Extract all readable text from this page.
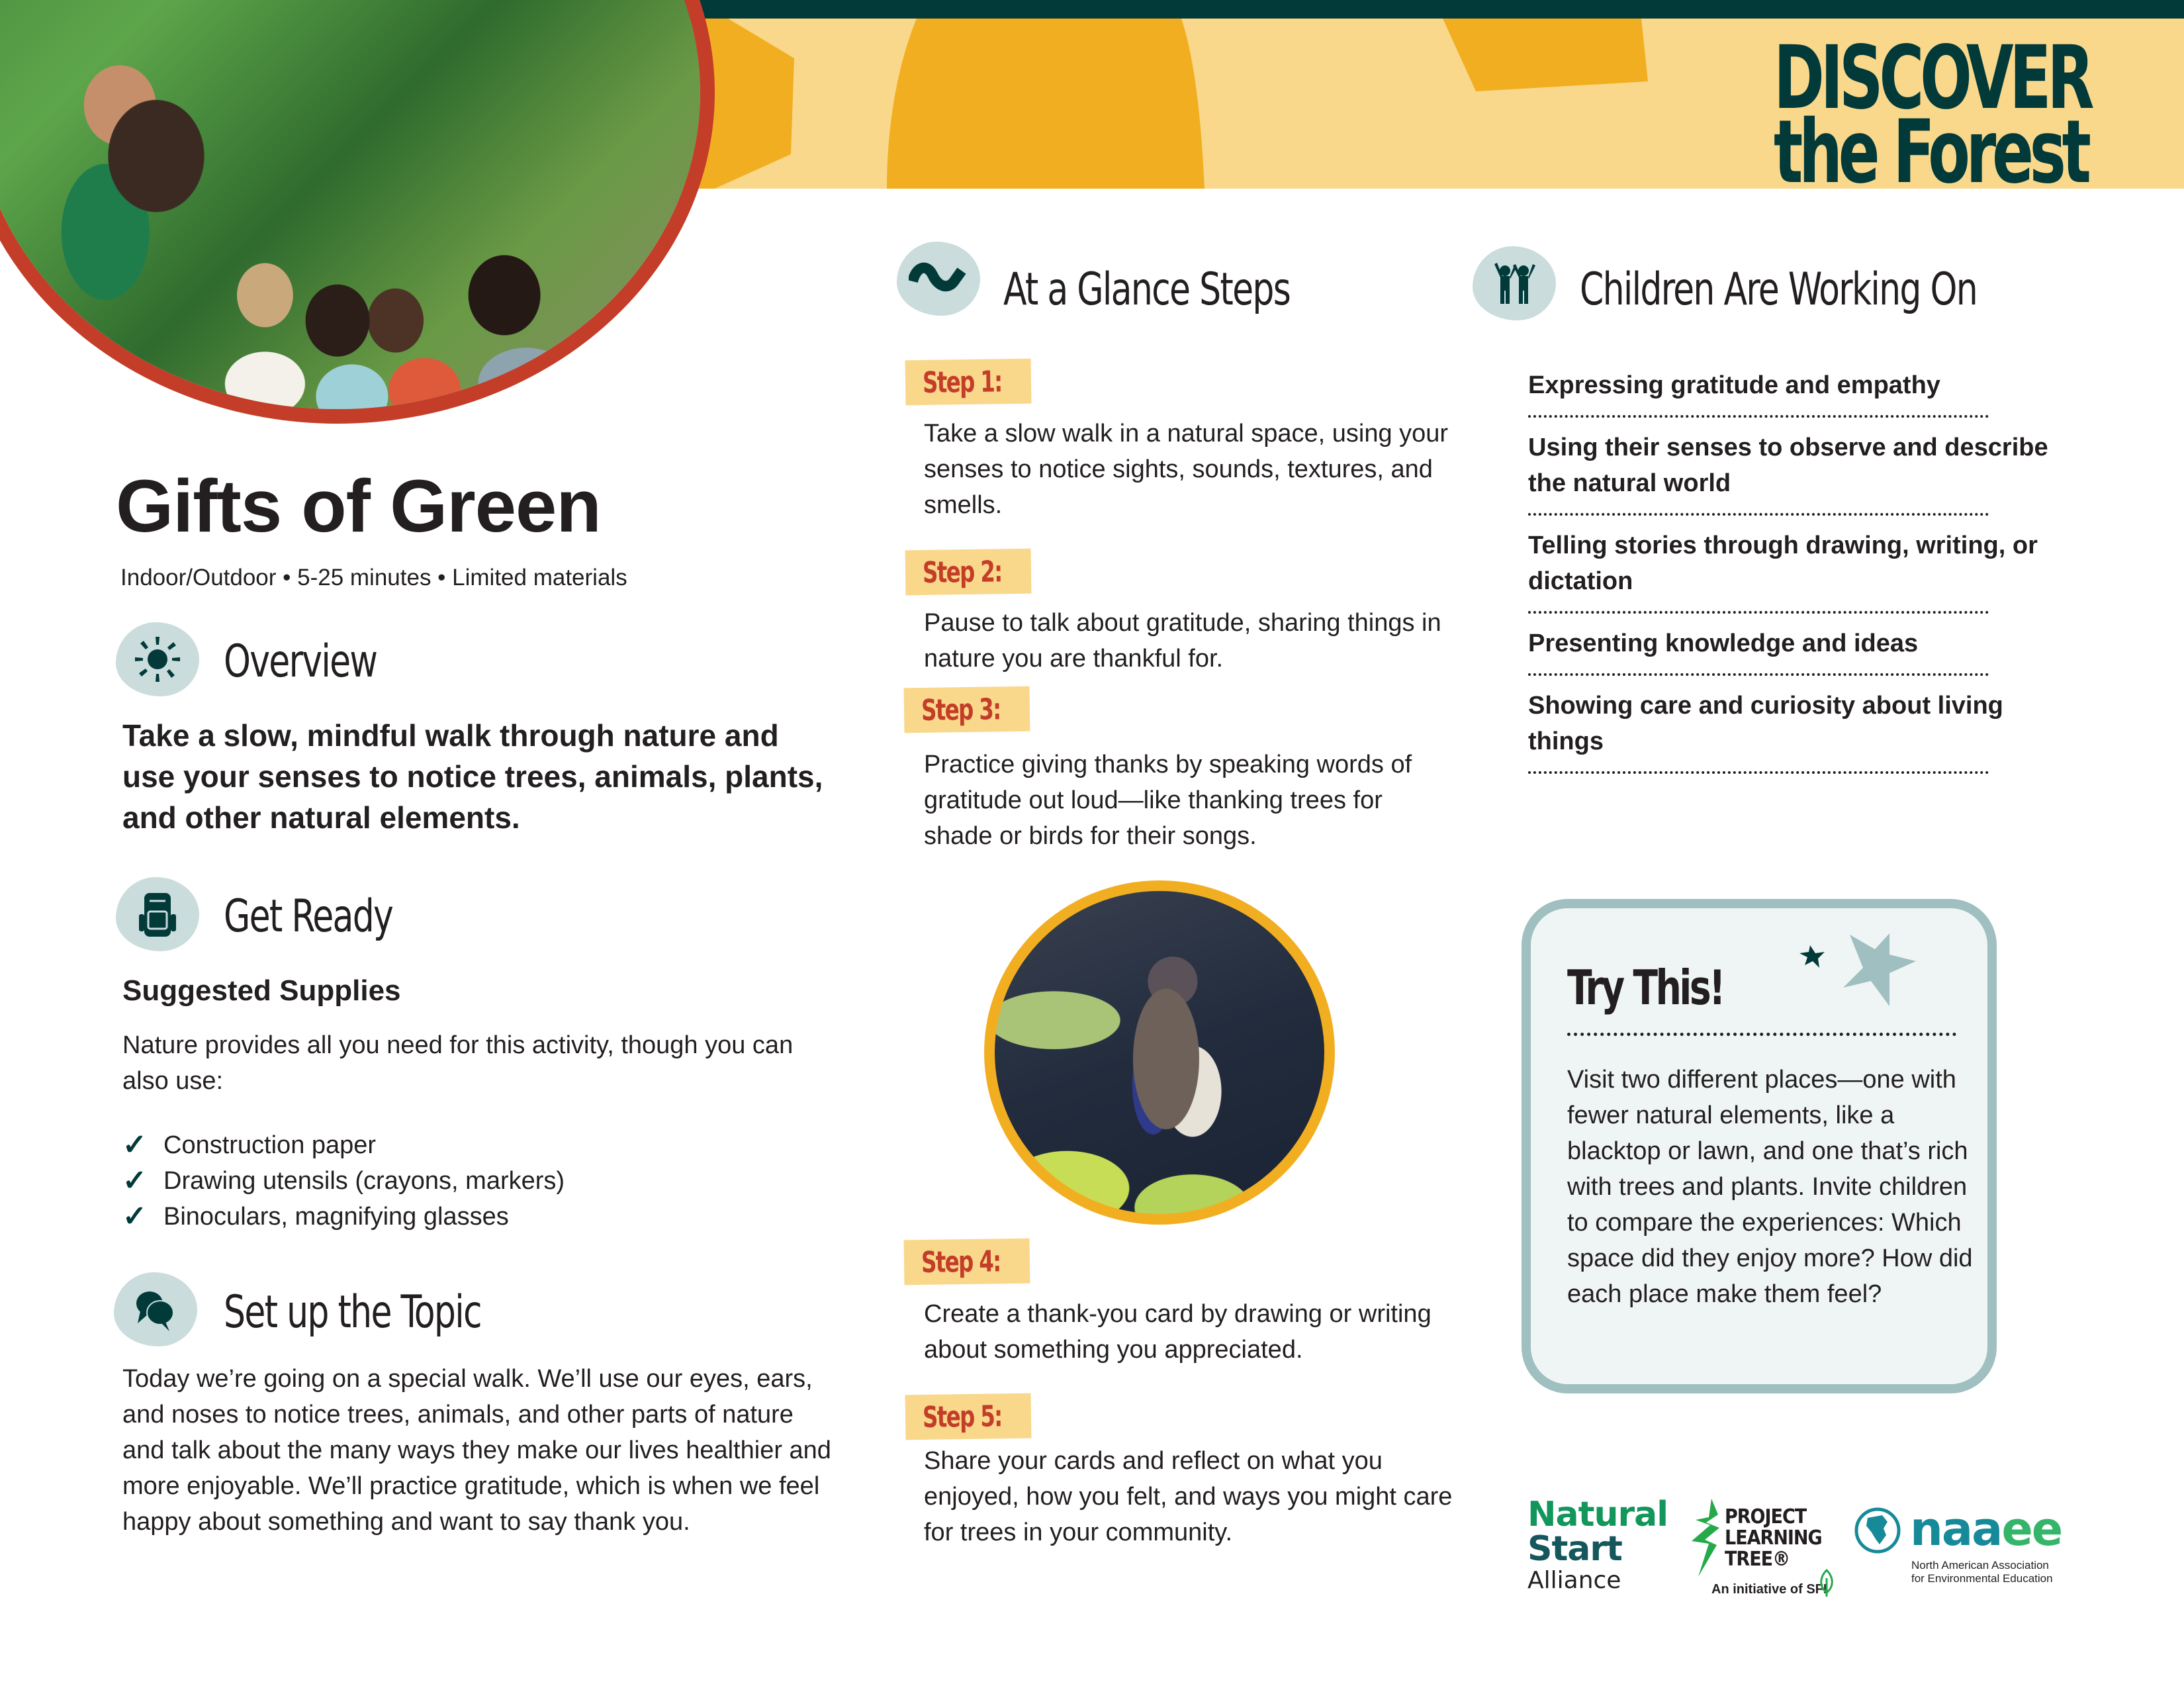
DISCOVER
the Forest
Gifts of Green
Indoor/Outdoor • 5-25 minutes • Limited materials
Overview

Take a slow, mindful walk through nature and use your senses to notice trees, animals, plants, and other natural elements.

Get Ready
Suggested Supplies

Nature provides all you need for this activity, though you can also use:

✓ Construction paper
✓ Drawing utensils (crayons, markers)
✓ Binoculars, magnifying glasses
Set up the Topic

Today we’re going on a special walk. We’ll use our eyes, ears, and noses to notice trees, animals, and other parts of nature and talk about the many ways they make our lives healthier and more enjoyable. We’ll practice gratitude, which is when we feel happy about something and want to say thank you.

At a Glance Steps
Step 1:

Take a slow walk in a natural space, using your senses to notice sights, sounds, textures, and smells.

Step 2:

Pause to talk about gratitude, sharing things in nature you are thankful for.

Step 3:

Practice giving thanks by speaking words of gratitude out loud—like thanking trees for shade or birds for their songs.

Step 4:

Create a thank-you card by drawing or writing about something you appreciated.

Step 5:

Share your cards and reflect on what you enjoyed, how you felt, and ways you might care for trees in your community.

Children Are Working On
Expressing gratitude and empathy
Using their senses to observe and describe the natural world
Telling stories through drawing, writing, or dictation
Presenting knowledge and ideas
Showing care and curiosity about living things
Try This!

Visit two different places—one with fewer natural elements, like a blacktop or lawn, and one that’s rich with trees and plants. Invite children to compare the experiences: Which space did they enjoy more? How did each place make them feel?

Natural
Start
Alliance
PROJECT
LEARNING
TREE®
An initiative of SFI
naaee
North American Association
for Environmental Education
